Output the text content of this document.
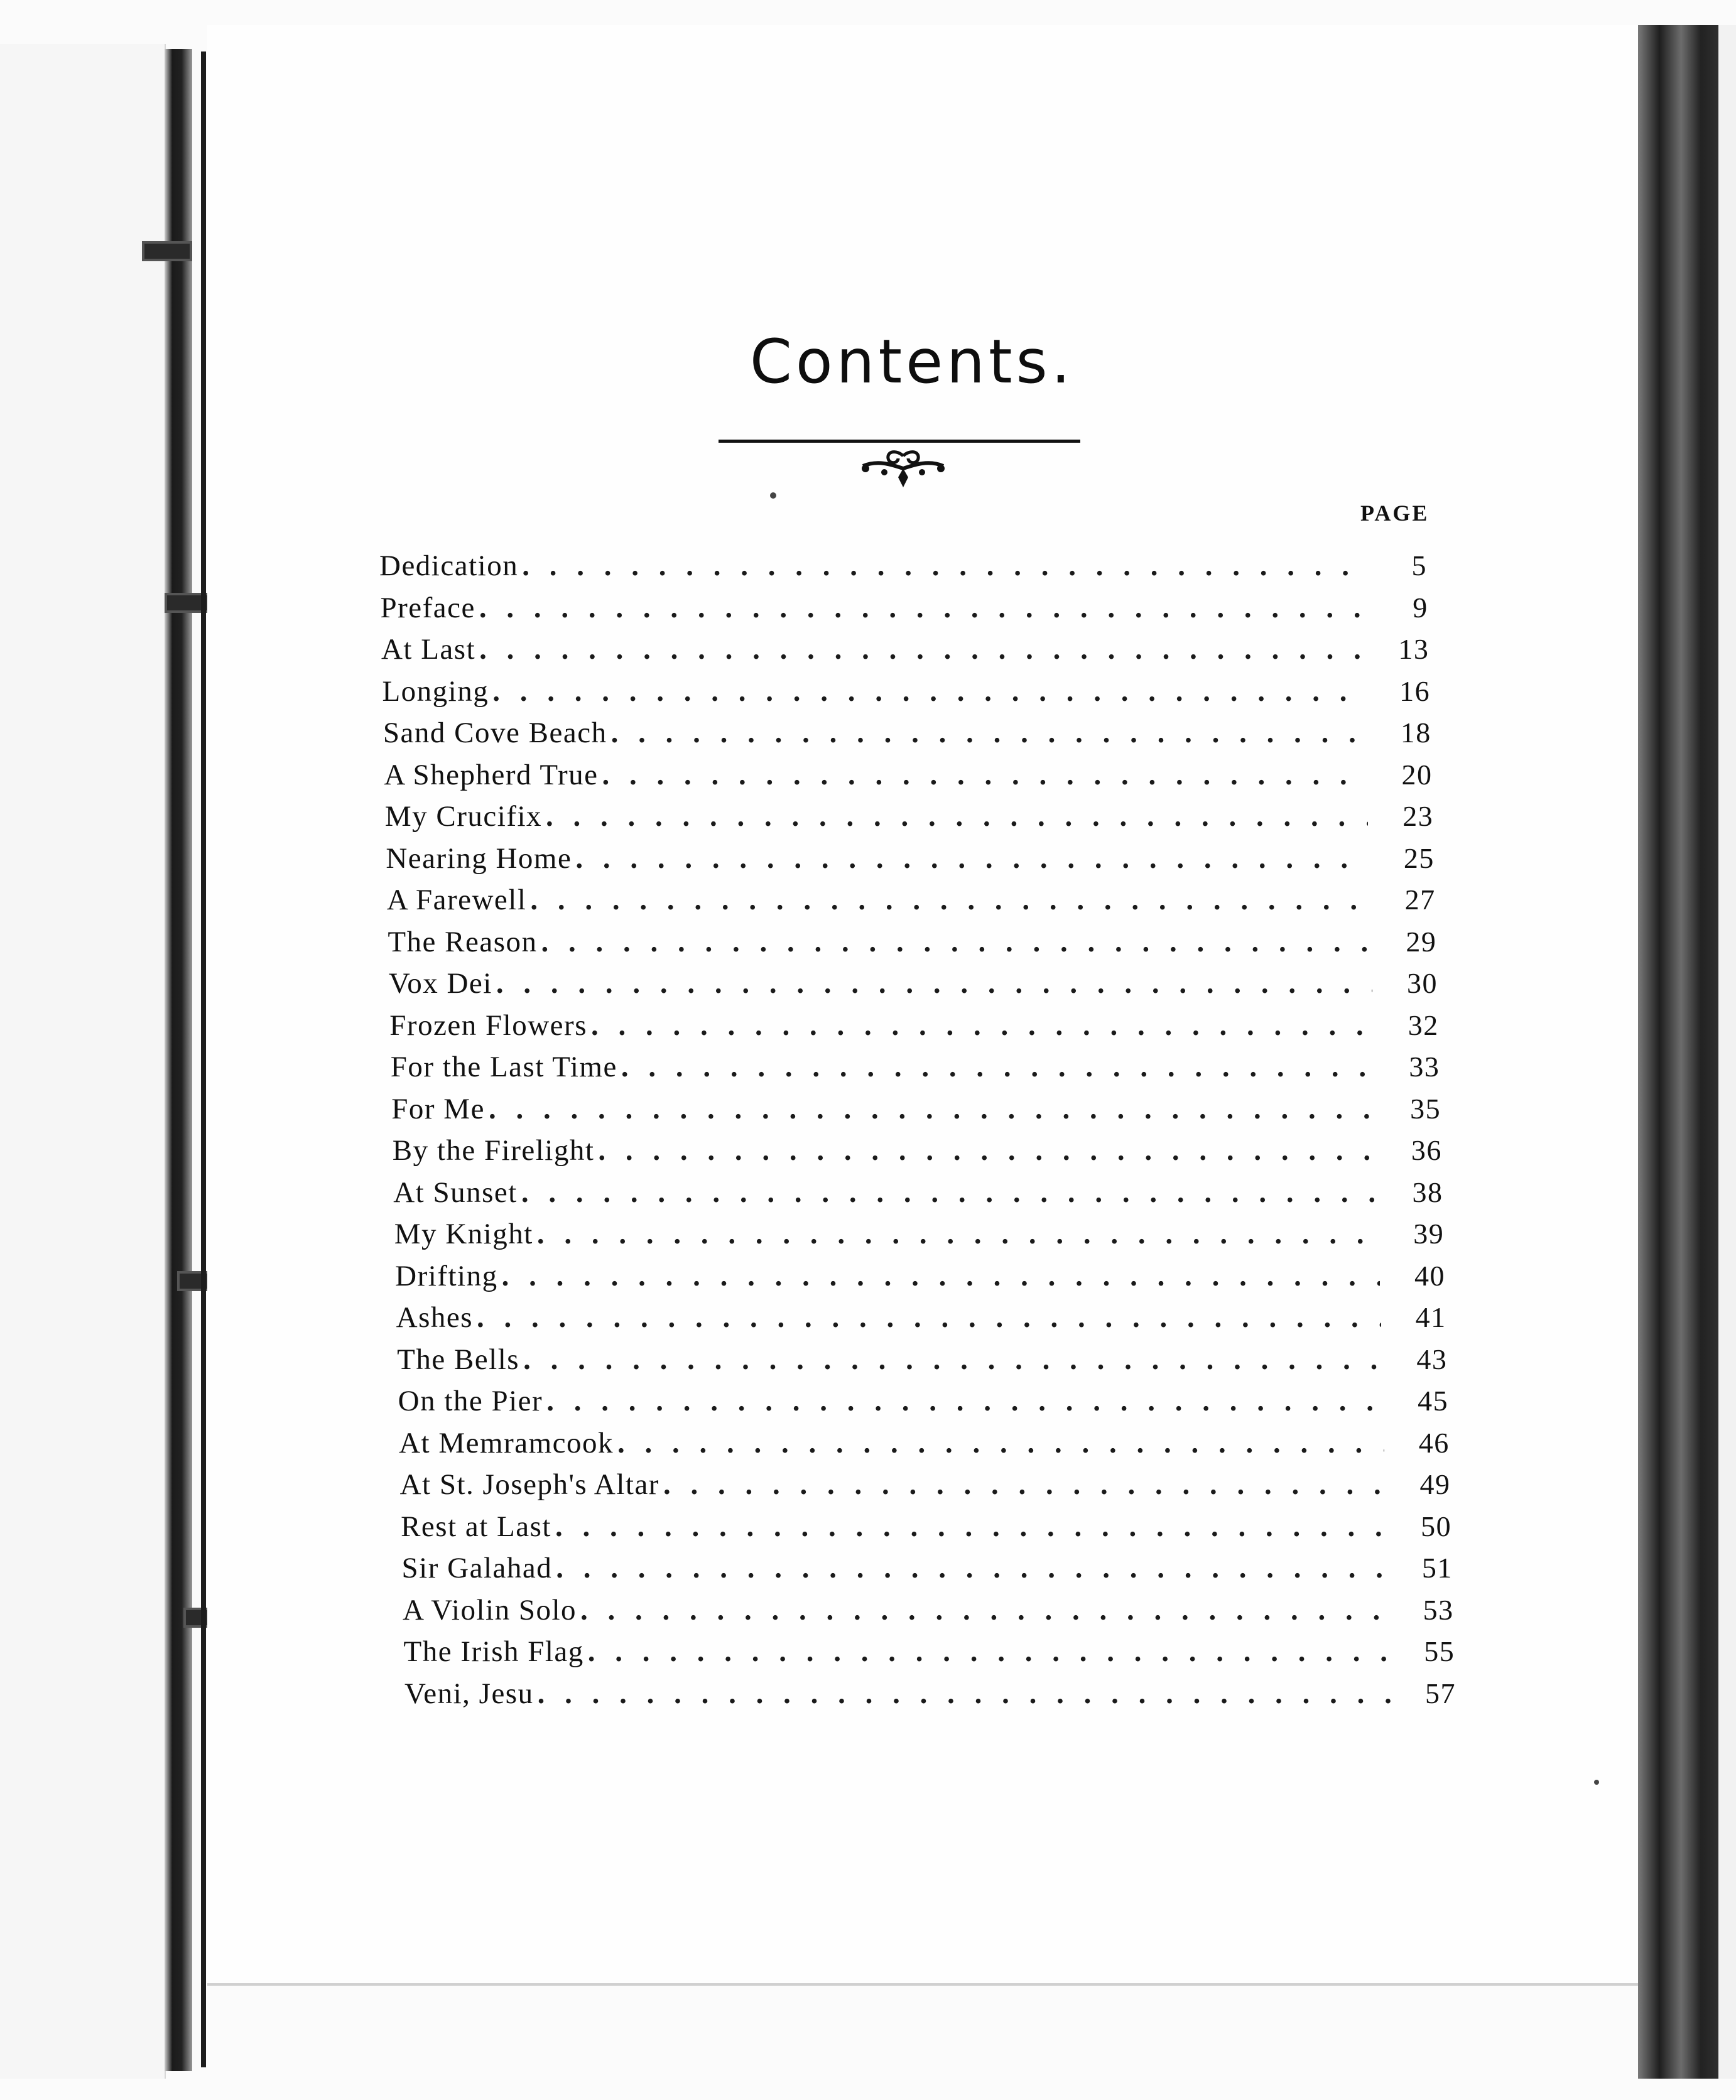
Contents.
PAGE
Dedication . . .	5
Preface . . .	9
At Last . . .	13
Longing . . .	16
Sand Cove Beach . . .	18
A Shepherd True . . .	20
My Crucifix . . .	23
Nearing Home . . .	25
A Farewell . . .	27
The Reason . . .	29
Vox Dei . . .	30
Frozen Flowers . . .	32
For the Last Time . . .	33
For Me . . .	35
By the Firelight . . .	36
At Sunset . . .	38
My Knight . . .	39
Drifting . . .	40
Ashes . . .	41
The Bells . . .	43
On the Pier . . .	45
At Memramcook . . .	46
At St. Joseph's Altar . . .	49
Rest at Last . . .	50
Sir Galahad . . .	51
A Violin Solo . . .	53
The Irish Flag . . .	55
Veni, Jesu . . .	57
